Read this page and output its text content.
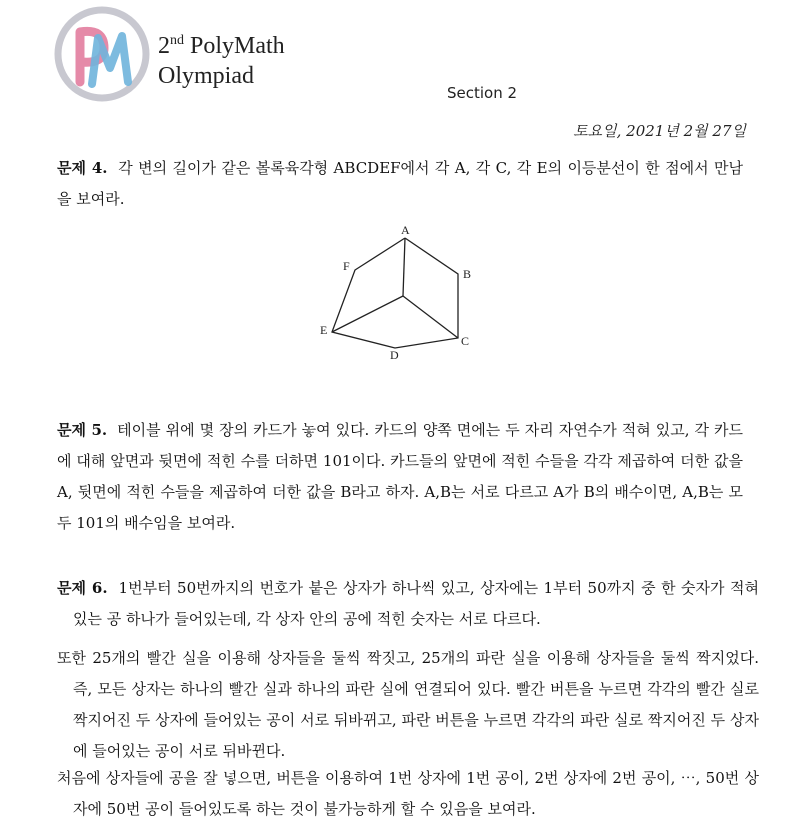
2nd PolyMath
Olympiad
Section 2
토요일, 2021년 2월 27일

문제 4. 각 변의 길이가 같은 볼록육각형 ABCDEF에서 각 A, 각 C, 각 E의 이등분선이 한 점에서 만남을 보여라.

A
B
C
D
E
F

문제 5. 테이블 위에 몇 장의 카드가 놓여 있다. 카드의 양쪽 면에는 두 자리 자연수가 적혀 있고, 각 카드에 대해 앞면과 뒷면에 적힌 수를 더하면 101이다. 카드들의 앞면에 적힌 수들을 각각 제곱하여 더한 값을 A, 뒷면에 적힌 수들을 제곱하여 더한 값을 B라고 하자. A,B는 서로 다르고 A가 B의 배수이면, A,B는 모두 101의 배수임을 보여라.

문제 6. 1번부터 50번까지의 번호가 붙은 상자가 하나씩 있고, 상자에는 1부터 50까지 중 한 숫자가 적혀 있는 공 하나가 들어있는데, 각 상자 안의 공에 적힌 숫자는 서로 다르다.

또한 25개의 빨간 실을 이용해 상자들을 둘씩 짝짓고, 25개의 파란 실을 이용해 상자들을 둘씩 짝지었다. 즉, 모든 상자는 하나의 빨간 실과 하나의 파란 실에 연결되어 있다. 빨간 버튼을 누르면 각각의 빨간 실로 짝지어진 두 상자에 들어있는 공이 서로 뒤바뀌고, 파란 버튼을 누르면 각각의 파란 실로 짝지어진 두 상자에 들어있는 공이 서로 뒤바뀐다.

처음에 상자들에 공을 잘 넣으면, 버튼을 이용하여 1번 상자에 1번 공이, 2번 상자에 2번 공이, ⋯, 50번 상자에 50번 공이 들어있도록 하는 것이 불가능하게 할 수 있음을 보여라.
